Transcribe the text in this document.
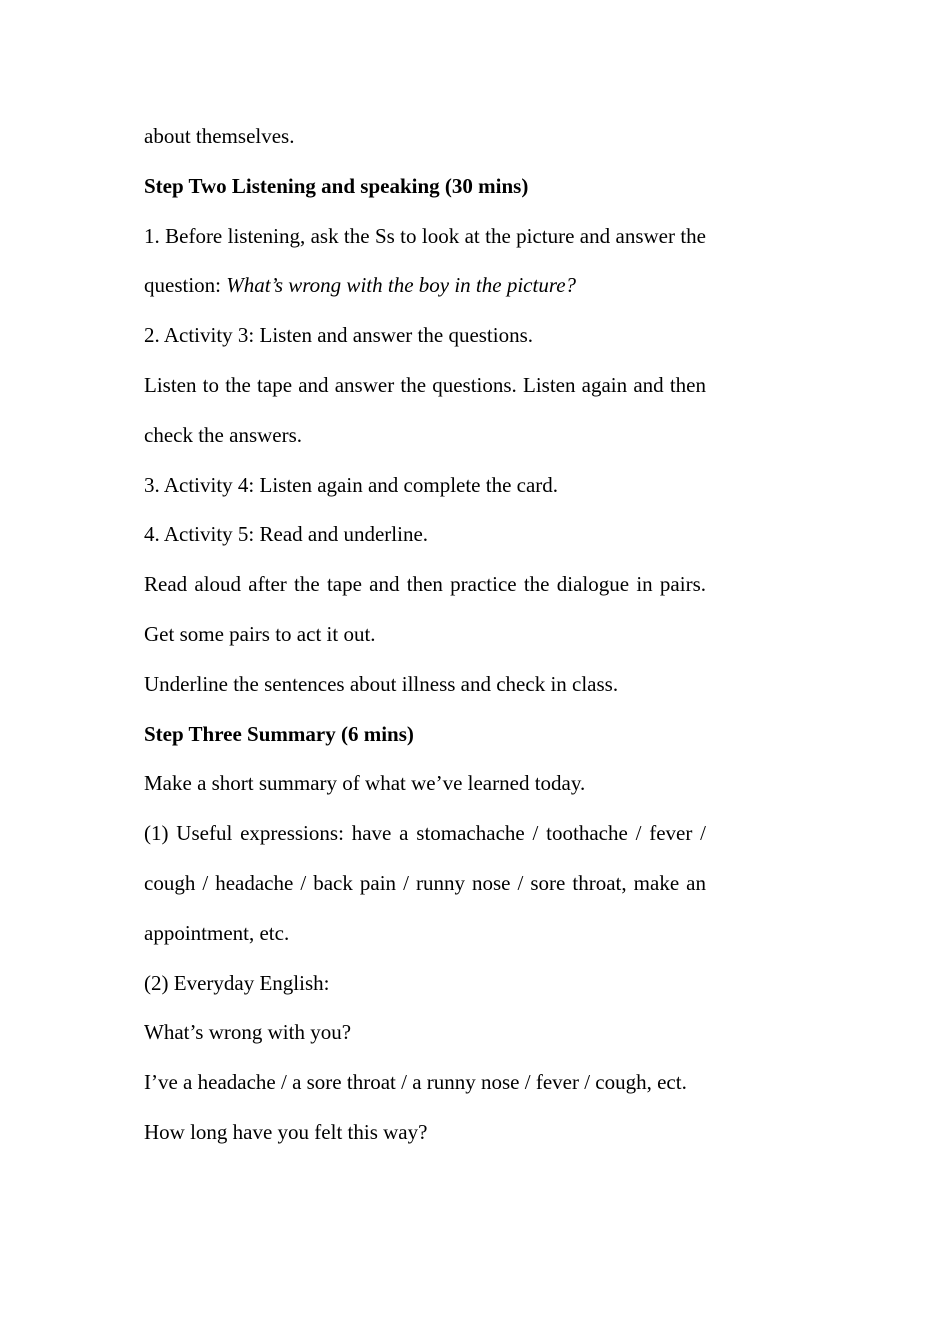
about themselves.

Step Two Listening and speaking (30 mins)

1. Before listening, ask the Ss to look at the picture and answer the question: What’s wrong with the boy in the picture?

2. Activity 3: Listen and answer the questions.

Listen to the tape and answer the questions. Listen again and then check the answers.

3. Activity 4: Listen again and complete the card.

4. Activity 5: Read and underline.

Read aloud after the tape and then practice the dialogue in pairs. Get some pairs to act it out.

Underline the sentences about illness and check in class.

Step Three Summary (6 mins)

Make a short summary of what we’ve learned today.

(1) Useful expressions: have a stomachache / toothache / fever / cough / headache / back pain / runny nose / sore throat, make an appointment, etc.

(2) Everyday English:

What’s wrong with you?

I’ve a headache / a sore throat / a runny nose / fever / cough, ect.

How long have you felt this way?
